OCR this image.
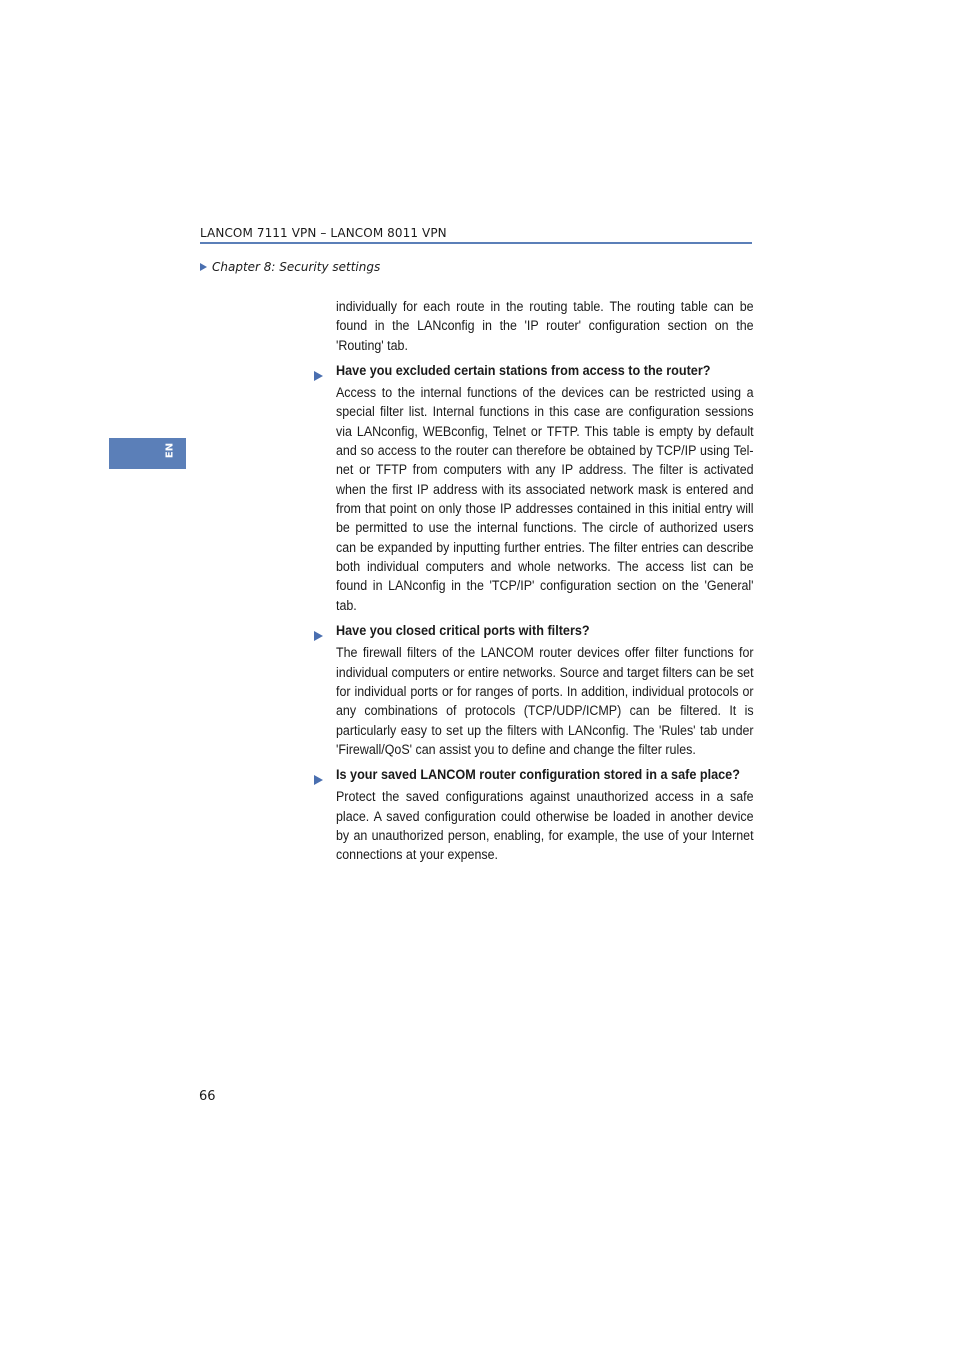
LANCOM 7111 VPN – LANCOM 8011 VPN
Chapter 8: Security settings
EN

individually for each route in the routing table. The routing table can be found in the LANconfig in the 'IP router' configuration section on the 'Routing' tab.

Have you excluded certain stations from access to the router?

Access to the internal functions of the devices can be restricted using a special filter list. Internal functions in this case are configuration sessions via LANconfig, WEBconfig, Telnet or TFTP. This table is empty by default and so access to the router can therefore be obtained by TCP/IP using Telnet or TFTP from computers with any IP address. The filter is activated when the first IP address with its associated network mask is entered and from that point on only those IP addresses contained in this initial entry will be permitted to use the internal functions. The circle of authorized users can be expanded by inputting further entries. The filter entries can describe both individual computers and whole networks. The access list can be found in LANconfig in the 'TCP/IP' configuration section on the 'General' tab.

Have you closed critical ports with filters?

The firewall filters of the LANCOM router devices offer filter functions for individual computers or entire networks. Source and target filters can be set for individual ports or for ranges of ports. In addition, individual protocols or any combinations of protocols (TCP/UDP/ICMP) can be filtered. It is particularly easy to set up the filters with LANconfig. The 'Rules' tab under 'Firewall/QoS' can assist you to define and change the filter rules.

Is your saved LANCOM router configuration stored in a safe place?

Protect the saved configurations against unauthorized access in a safe place. A saved configuration could otherwise be loaded in another device by an unauthorized person, enabling, for example, the use of your Internet connections at your expense.

66
